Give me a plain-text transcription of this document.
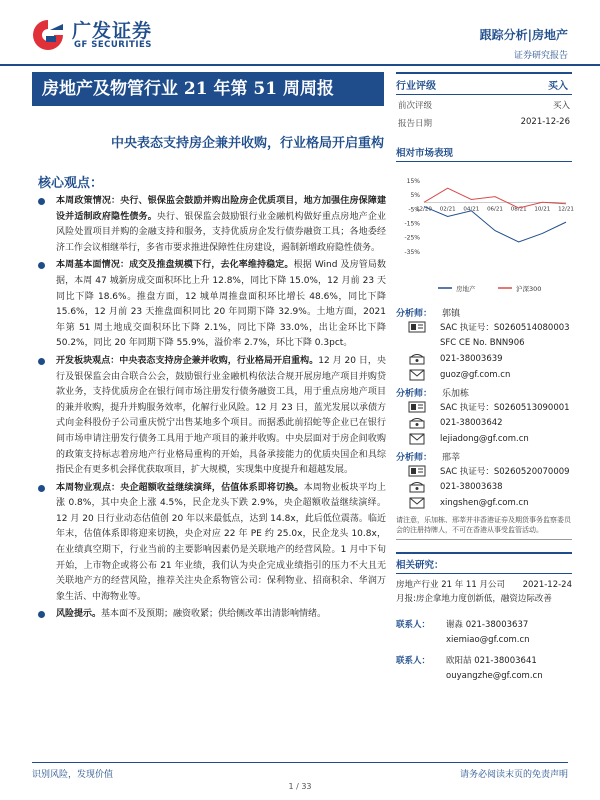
广发证券
GF SECURITIES
跟踪分析|房地产
证券研究报告
房地产及物管行业 21 年第 51 周周报
中央表态支持房企兼并收购，行业格局开启重构
核心观点：
本周政策情况：央行、银保监会鼓励并购出险房企优质项目，地方加强住房保障建设并适制政府隐性债务。央行、银保监会鼓励银行业金融机构做好重点房地产企业风险处置项目并购的金融支持和服务，支持优质房企发行债券融资工具；各地委经济工作会议相继举行，多省市要求推进保障性住房建设，遏制新增政府隐性债务。
本周基本面情况：成交及推盘规模下行，去化率维持稳定。根据 Wind 及房管局数据，本周 47 城新房成交面积环比上升 12.8%，同比下降 15.0%，12 月前 23 天同比下降 18.6%。推盘方面，12 城单周推盘面积环比增长 48.6%，同比下降 15.6%，12 月前 23 天推盘面积同比 20 年同期下降 32.9%。土地方面，2021 年第 51 周土地成交面积环比下降 2.1%，同比下降 33.0%，出让金环比下降 50.2%，同比 20 年同期下降 55.9%，溢价率 2.7%，环比下降 0.3pct。
开发板块观点：中央表态支持房企兼并收购，行业格局开启重构。12 月 20 日，央行及银保监会由合联合公会，鼓励银行业金融机构依法合规开展房地产项目并购贷款业务，支持优质房企在银行间市场注册发行债务融资工具，用于重点房地产项目的兼并收购，提升并购服务效率，化解行业风险。12 月 23 日，蓝光发展以承债方式向金科股份子公司重庆悦宁出售某地多个项目。而据悉此前招蛇等企业已在银行间市场申请注册发行债务工具用于地产项目的兼并收购。中央层面对于房企间收购的政策支持标志着房地产行业格局重构的开始，具备承接能力的优质央国企和具综指民企有更多机会择优获取项目，扩大规模，实现集中度提升和超越发展。
本周物业观点：央企超额收益继续演绎，估值体系即将切换。本周物业板块平均上涨 0.8%，其中央企上涨 4.5%，民企龙头下跌 2.9%，央企超额收益继续演绎。12 月 20 日行业动态估值创 20 年以来最低点，达到 14.8x，此后低位震荡。临近年末，估值体系即将迎来切换，央企对应 22 年 PE 约 25.0x，民企龙头 10.8x，在业绩真空期下，行业当前的主要影响因素仍是关联地产的经营风险。1 月中下旬开始，上市物企或将公布 21 年业绩，我们认为央企完成业绩指引的压力不大且无关联地产方的经营风险，推荐关注央企系物管公司：保利物业、招商积余、华润万象生活、中海物业等。
风险提示。基本面不及预期；融资收紧；供给侧改革出清影响情绪。
行业评级	买入
前次评级	买入
报告日期	2021-12-26
相对市场表现
15%
5%
-5%
-15%
-25%
-35%
12/20 02/21 04/21 06/21 08/21 10/21 12/21
房地产	沪深300
分析师：	郭镇
SAC 执证号：S0260514080003
SFC CE No. BNN906
021-38003639
guoz@gf.com.cn
分析师：	乐加栋
SAC 执证号：S0260513090001
021-38003642
lejiadong@gf.com.cn
分析师：	邢莘
SAC 执证号：S0260520070009
021-38003638
xingshen@gf.com.cn
请注意，乐加栋、邢莘并非香港证券及期货事务监察委员会的注册持牌人，不可在香港从事受监管活动。
相关研究：
房地产行业 21 年 11 月公司 2021-12-24
月报:房企拿地力度创新低，融资边际改善
联系人：	谢淼 021-38003637
xiemiao@gf.com.cn
联系人：	欧阳喆 021-38003641
ouyangzhe@gf.com.cn
识别风险，发现价值	请务必阅读末页的免责声明
1 / 33
